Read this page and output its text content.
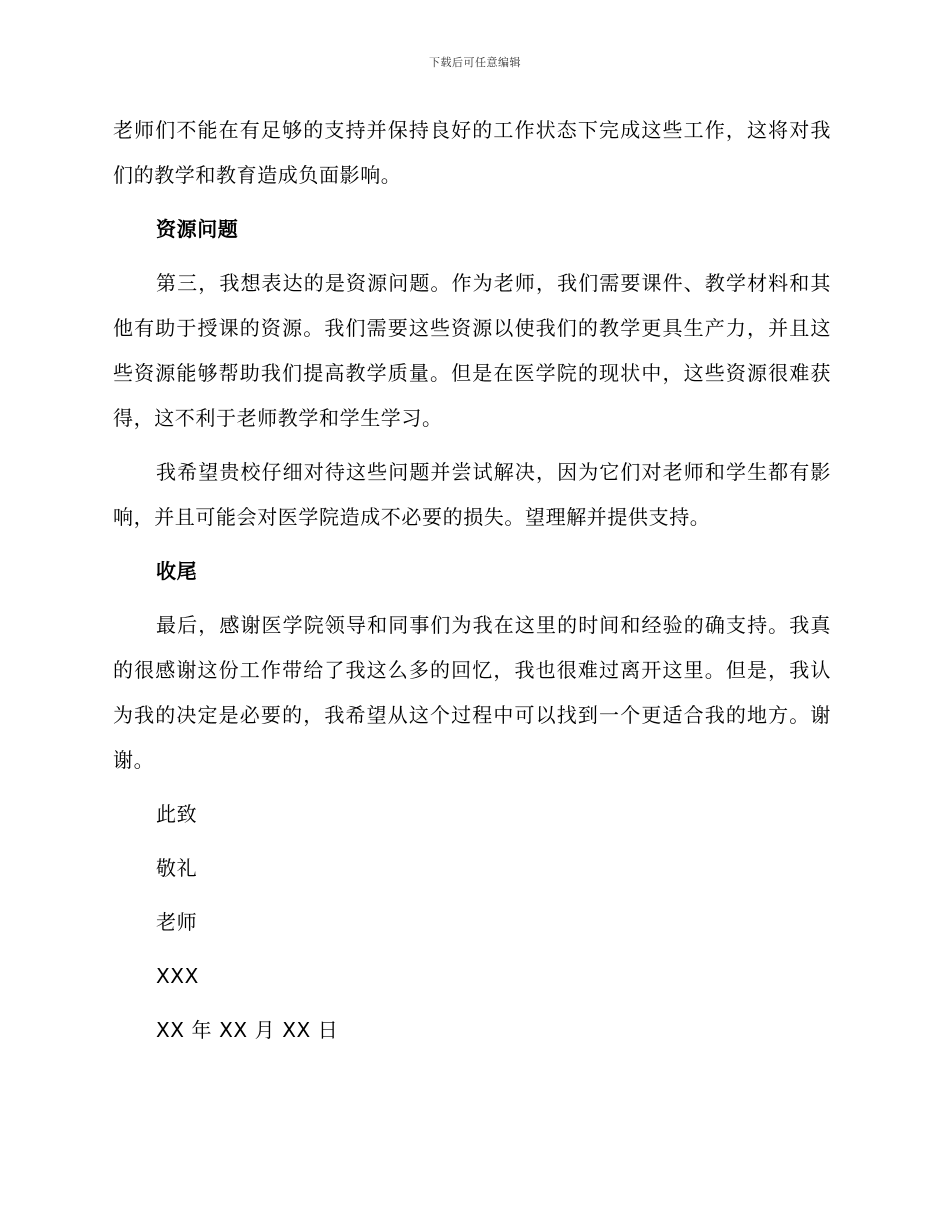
下载后可任意编辑

老师们不能在有足够的支持并保持良好的工作状态下完成这些工作，这将对我们的教学和教育造成负面影响。

资源问题

第三，我想表达的是资源问题。作为老师，我们需要课件、教学材料和其他有助于授课的资源。我们需要这些资源以使我们的教学更具生产力，并且这些资源能够帮助我们提高教学质量。但是在医学院的现状中，这些资源很难获得，这不利于老师教学和学生学习。

我希望贵校仔细对待这些问题并尝试解决，因为它们对老师和学生都有影响，并且可能会对医学院造成不必要的损失。望理解并提供支持。

收尾

最后，感谢医学院领导和同事们为我在这里的时间和经验的确支持。我真的很感谢这份工作带给了我这么多的回忆，我也很难过离开这里。但是，我认为我的决定是必要的，我希望从这个过程中可以找到一个更适合我的地方。谢谢。

此致
敬礼
老师
XXX
XX 年 XX 月 XX 日
